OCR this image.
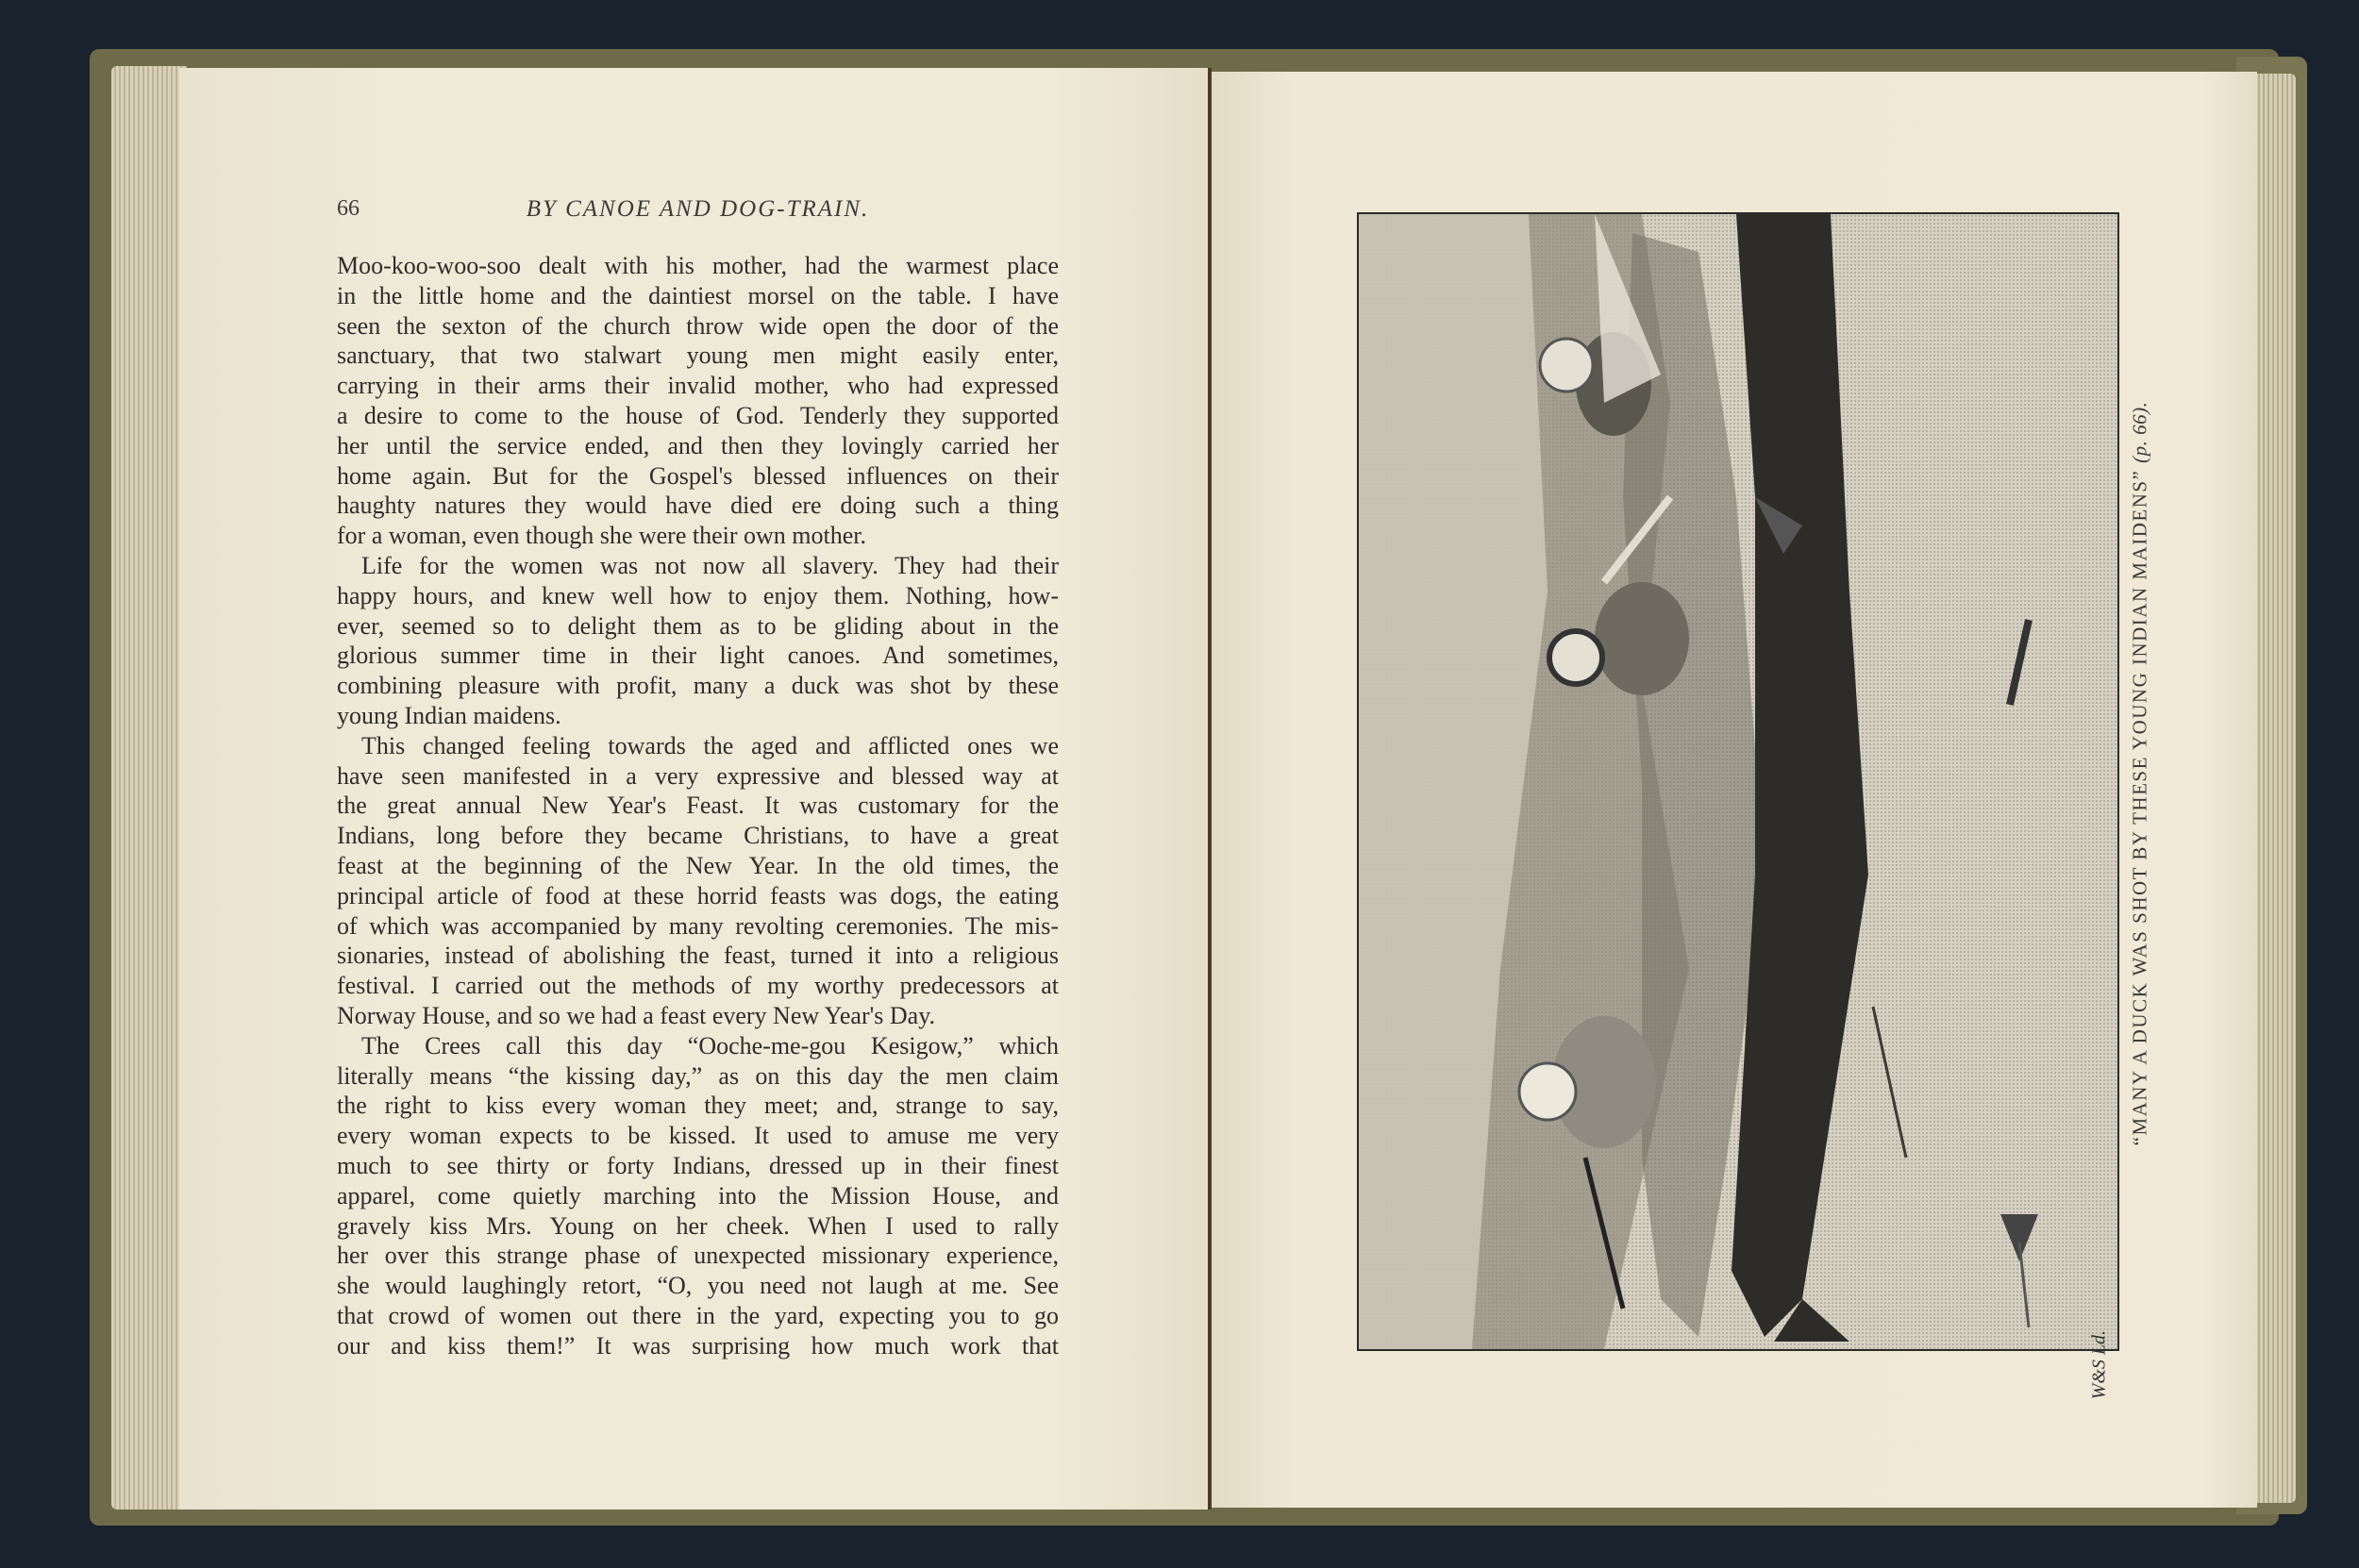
66	BY CANOE AND DOG-TRAIN.
Moo-koo-woo-soo dealt with his mother, had the warmest place
in the little home and the daintiest morsel on the table. I have
seen the sexton of the church throw wide open the door of the
sanctuary, that two stalwart young men might easily enter,
carrying in their arms their invalid mother, who had expressed
a desire to come to the house of God. Tenderly they supported
her until the service ended, and then they lovingly carried her
home again. But for the Gospel's blessed influences on their
haughty natures they would have died ere doing such a thing
for a woman, even though she were their own mother.
Life for the women was not now all slavery. They had their
happy hours, and knew well how to enjoy them. Nothing, how-
ever, seemed so to delight them as to be gliding about in the
glorious summer time in their light canoes. And sometimes,
combining pleasure with profit, many a duck was shot by these
young Indian maidens.
This changed feeling towards the aged and afflicted ones we
have seen manifested in a very expressive and blessed way at
the great annual New Year's Feast. It was customary for the
Indians, long before they became Christians, to have a great
feast at the beginning of the New Year. In the old times, the
principal article of food at these horrid feasts was dogs, the eating
of which was accompanied by many revolting ceremonies. The mis-
sionaries, instead of abolishing the feast, turned it into a religious
festival. I carried out the methods of my worthy predecessors at
Norway House, and so we had a feast every New Year's Day.
The Crees call this day “Ooche-me-gou Kesigow,” which
literally means “the kissing day,” as on this day the men claim
the right to kiss every woman they meet; and, strange to say,
every woman expects to be kissed. It used to amuse me very
much to see thirty or forty Indians, dressed up in their finest
apparel, come quietly marching into the Mission House, and
gravely kiss Mrs. Young on her cheek. When I used to rally
her over this strange phase of unexpected missionary experience,
she would laughingly retort, “O, you need not laugh at me. See
that crowd of women out there in the yard, expecting you to go
our and kiss them!” It was surprising how much work that	W&S Ld.
“MANY A DUCK WAS SHOT BY THESE YOUNG INDIAN MAIDENS” (p. 66).
